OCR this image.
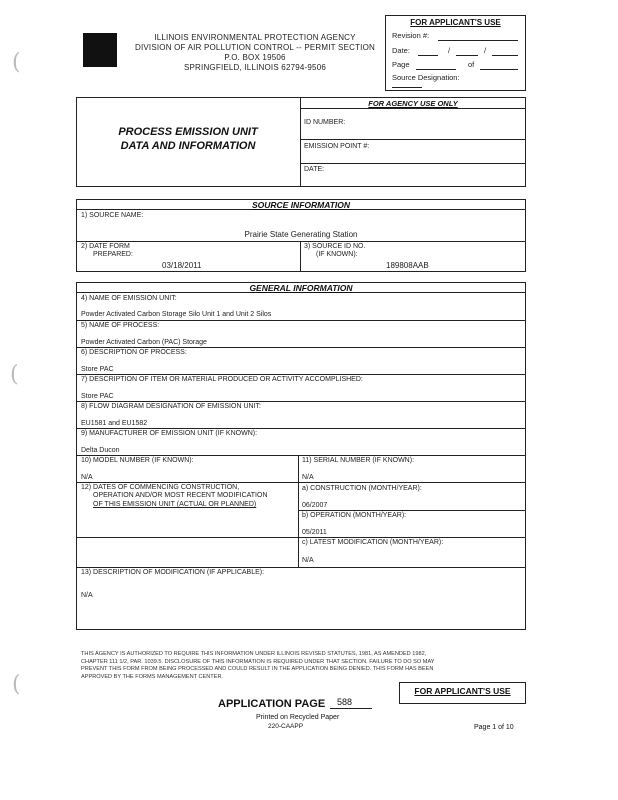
(
(
(
ILLINOIS ENVIRONMENTAL PROTECTION AGENCY
DIVISION OF AIR POLLUTION CONTROL -- PERMIT SECTION
P.O. BOX 19506
SPRINGFIELD, ILLINOIS 62794-9506
FOR APPLICANT'S USE
Revision #:
Date:	/	/
Page	of
Source Designation:
FOR AGENCY USE ONLY
ID NUMBER:
EMISSION POINT #:
DATE:
PROCESS EMISSION UNIT
DATA AND INFORMATION
SOURCE INFORMATION
1) SOURCE NAME:
Prairie State Generating Station
2) DATE FORM
PREPARED:
03/18/2011
3) SOURCE ID NO.
(IF KNOWN):
189808AAB
GENERAL INFORMATION
4) NAME OF EMISSION UNIT:
Powder Activated Carbon Storage Silo Unit 1 and Unit 2 Silos
5) NAME OF PROCESS:
Powder Activated Carbon (PAC) Storage
6) DESCRIPTION OF PROCESS:
Store PAC
7) DESCRIPTION OF ITEM OR MATERIAL PRODUCED OR ACTIVITY ACCOMPLISHED:
Store PAC
8) FLOW DIAGRAM DESIGNATION OF EMISSION UNIT:
EU1581 and EU1582
9) MANUFACTURER OF EMISSION UNIT (IF KNOWN):
Delta Ducon
10) MODEL NUMBER (IF KNOWN):
N/A
11) SERIAL NUMBER (IF KNOWN):
N/A
12) DATES OF COMMENCING CONSTRUCTION,
OPERATION AND/OR MOST RECENT MODIFICATION
OF THIS EMISSION UNIT (ACTUAL OR PLANNED)
a) CONSTRUCTION (MONTH/YEAR):
06/2007
b) OPERATION (MONTH/YEAR):
05/2011
c) LATEST MODIFICATION (MONTH/YEAR):
N/A
13) DESCRIPTION OF MODIFICATION (IF APPLICABLE):
N/A
THIS AGENCY IS AUTHORIZED TO REQUIRE THIS INFORMATION UNDER ILLINOIS REVISED STATUTES, 1981, AS AMENDED 1982,
CHAPTER 111 1/2, PAR. 1039.5. DISCLOSURE OF THIS INFORMATION IS REQUIRED UNDER THAT SECTION. FAILURE TO DO SO MAY
PREVENT THIS FORM FROM BEING PROCESSED AND COULD RESULT IN THE APPLICATION BEING DENIED. THIS FORM HAS BEEN
APPROVED BY THE FORMS MANAGEMENT CENTER.
APPLICATION PAGE 588
Printed on Recycled Paper
220-CAAPP
FOR APPLICANT'S USE
Page 1 of 10
